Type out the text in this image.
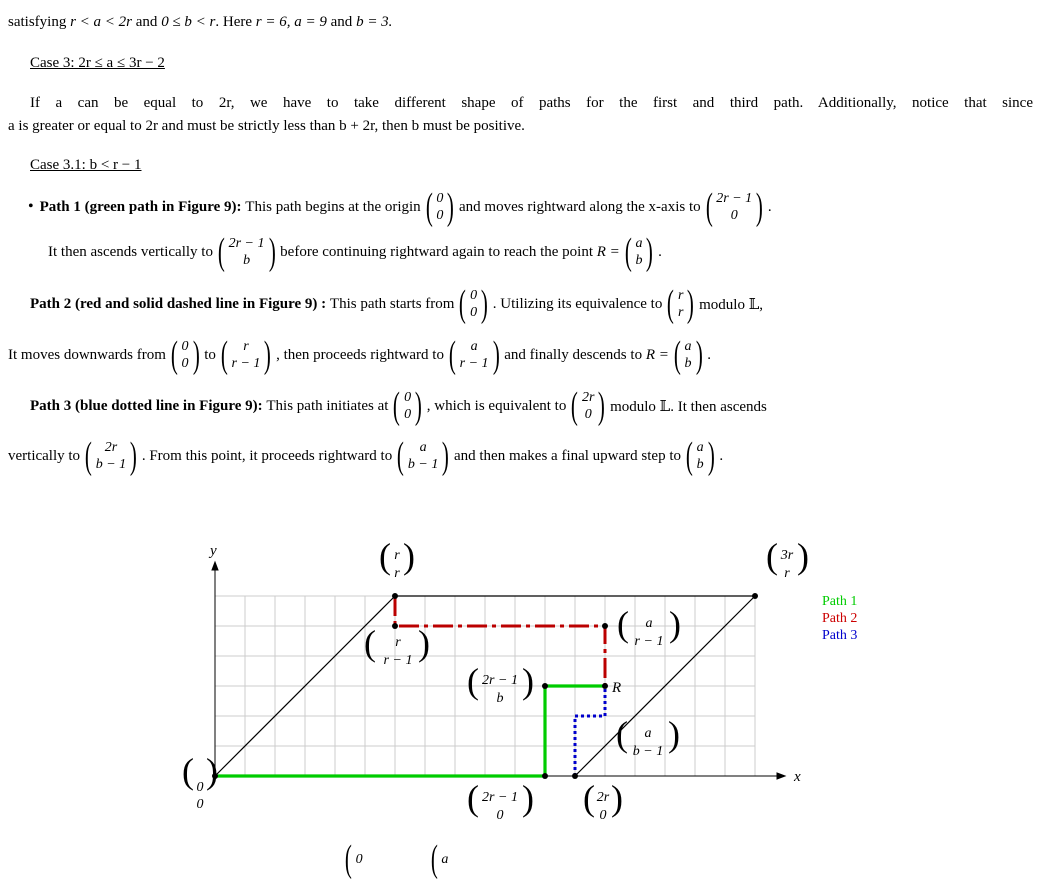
satisfying r < a < 2r and 0 ≤ b < r. Here r = 6, a = 9 and b = 3.
Case 3: 2r ≤ a ≤ 3r − 2
If a can be equal to 2r, we have to take different shape of paths for the first and third path. Additionally, notice that since
a is greater or equal to 2r and must be strictly less than b + 2r, then b must be positive.
Case 3.1: b < r − 1
• Path 1 (green path in Figure 9):
This path begins at the origin ( 0
0 ) and moves rightward along the x-axis to ( 2r − 1
0 ) .
It then ascends vertically to ( 2r − 1
b ) before continuing rightward again to reach the point
R = ( a
b ) .
Path 2 (red and solid dashed line in Figure 9) :
This path starts from ( 0
0 ) . Utilizing its equivalence to ( r
r ) modulo 𝕃,
It moves downwards from ( 0
0 ) to ( r
r − 1 ) , then proceeds rightward to ( a
r − 1 ) and finally descends to
R = ( a
b ) .
Path 3 (blue dotted line in Figure 9):
This path initiates at ( 0
0 ) , which is equivalent to ( 2r
0 ) modulo 𝕃. It then ascends
vertically to ( 2r
b − 1 ) . From this point, it proceeds rightward to ( a
b − 1 ) and then makes a final upward step to ( a
b ) .
x
y
R
( 0
0
)
( r
r )
( r
r − 1 )	( a
r − 1 )
( 3r
r )
( 2r − 1
b )
( a
b − 1 )
( 2r − 1
0 ) ( 2r
0 )
Path 1
Path 2
Path 3
( 0 ( a
